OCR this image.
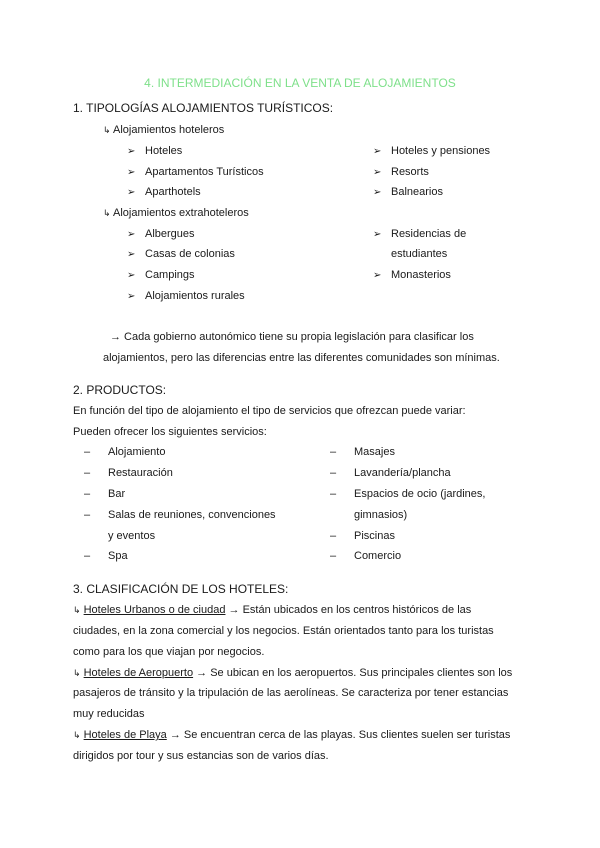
4. INTERMEDIACIÓN EN LA VENTA DE ALOJAMIENTOS
1. TIPOLOGÍAS ALOJAMIENTOS TURÍSTICOS:
↳ Alojamientos hoteleros
➢ Hoteles
➢ Apartamentos Turísticos
➢ Aparthotels
➢ Hoteles y pensiones
➢ Resorts
➢ Balnearios
↳ Alojamientos extrahoteleros
➢ Albergues
➢ Casas de colonias
➢ Campings
➢ Alojamientos rurales
➢ Residencias de
estudiantes
➢ Monasterios
→ Cada gobierno autonómico tiene su propia legislación para clasificar los
alojamientos, pero las diferencias entre las diferentes comunidades son mínimas.
2. PRODUCTOS:
En función del tipo de alojamiento el tipo de servicios que ofrezcan puede variar:
Pueden ofrecer los siguientes servicios:
– Alojamiento
– Restauración
– Bar
– Salas de reuniones, convenciones
y eventos
– Spa
– Masajes
– Lavandería/plancha
– Espacios de ocio (jardines,
gimnasios)
– Piscinas
– Comercio
3. CLASIFICACIÓN DE LOS HOTELES:
↳ Hoteles Urbanos o de ciudad → Están ubicados en los centros históricos de las
ciudades, en la zona comercial y los negocios. Están orientados tanto para los turistas
como para los que viajan por negocios.
↳ Hoteles de Aeropuerto → Se ubican en los aeropuertos. Sus principales clientes son los
pasajeros de tránsito y la tripulación de las aerolíneas. Se caracteriza por tener estancias
muy reducidas
↳ Hoteles de Playa → Se encuentran cerca de las playas. Sus clientes suelen ser turistas
dirigidos por tour y sus estancias son de varios días.
